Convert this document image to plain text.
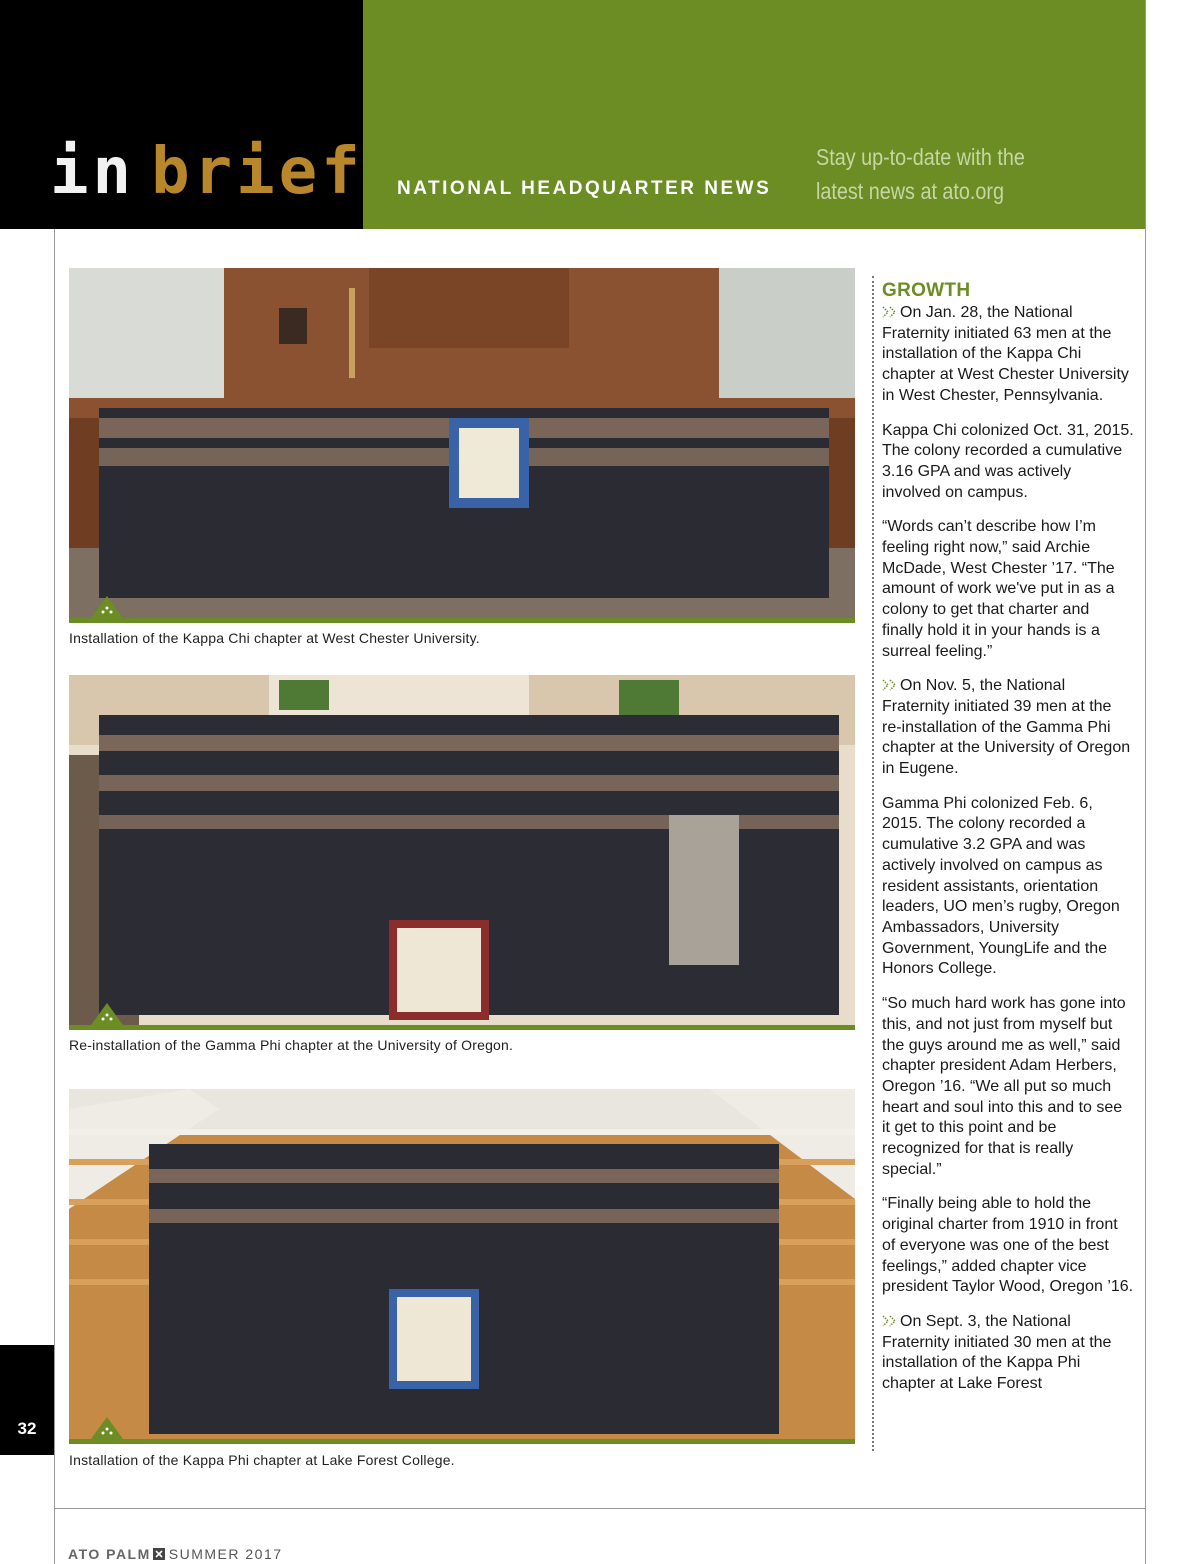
in brief NATIONAL HEADQUARTER NEWS
Stay up-to-date with the
latest news at ato.org
Installation of the Kappa Chi chapter at West Chester University.
Re-installation of the Gamma Phi chapter at the University of Oregon.
Installation of the Kappa Phi chapter at Lake Forest College.
GROWTH

On Jan. 28, the National Fraternity initiated 63 men at the installation of the Kappa Chi chapter at West Chester University in West Chester, Pennsylvania.

Kappa Chi colonized Oct. 31, 2015. The colony recorded a cumulative 3.16 GPA and was actively involved on campus.

“Words can’t describe how I’m feeling right now,” said Archie McDade, West Chester ’17. “The amount of work we've put in as a colony to get that charter and finally hold it in your hands is a surreal feeling.”

On Nov. 5, the National Fraternity initiated 39 men at the re-installation of the Gamma Phi chapter at the University of Oregon in Eugene.

Gamma Phi colonized Feb. 6, 2015. The colony recorded a cumulative 3.2 GPA and was actively involved on campus as resident assistants, orientation leaders, UO men’s rugby, Oregon Ambassadors, University Government, YoungLife and the Honors College.

“So much hard work has gone into this, and not just from myself but the guys around me as well,” said chapter president Adam Herbers, Oregon ’16. “We all put so much heart and soul into this and to see it get to this point and be recognized for that is really special.”

“Finally being able to hold the original charter from 1910 in front of everyone was one of the best feelings,” added chapter vice president Taylor Wood, Oregon ’16.

On Sept. 3, the National Fraternity initiated 30 men at the installation of the Kappa Phi chapter at Lake Forest

32
ATO PALM SUMMER 2017
